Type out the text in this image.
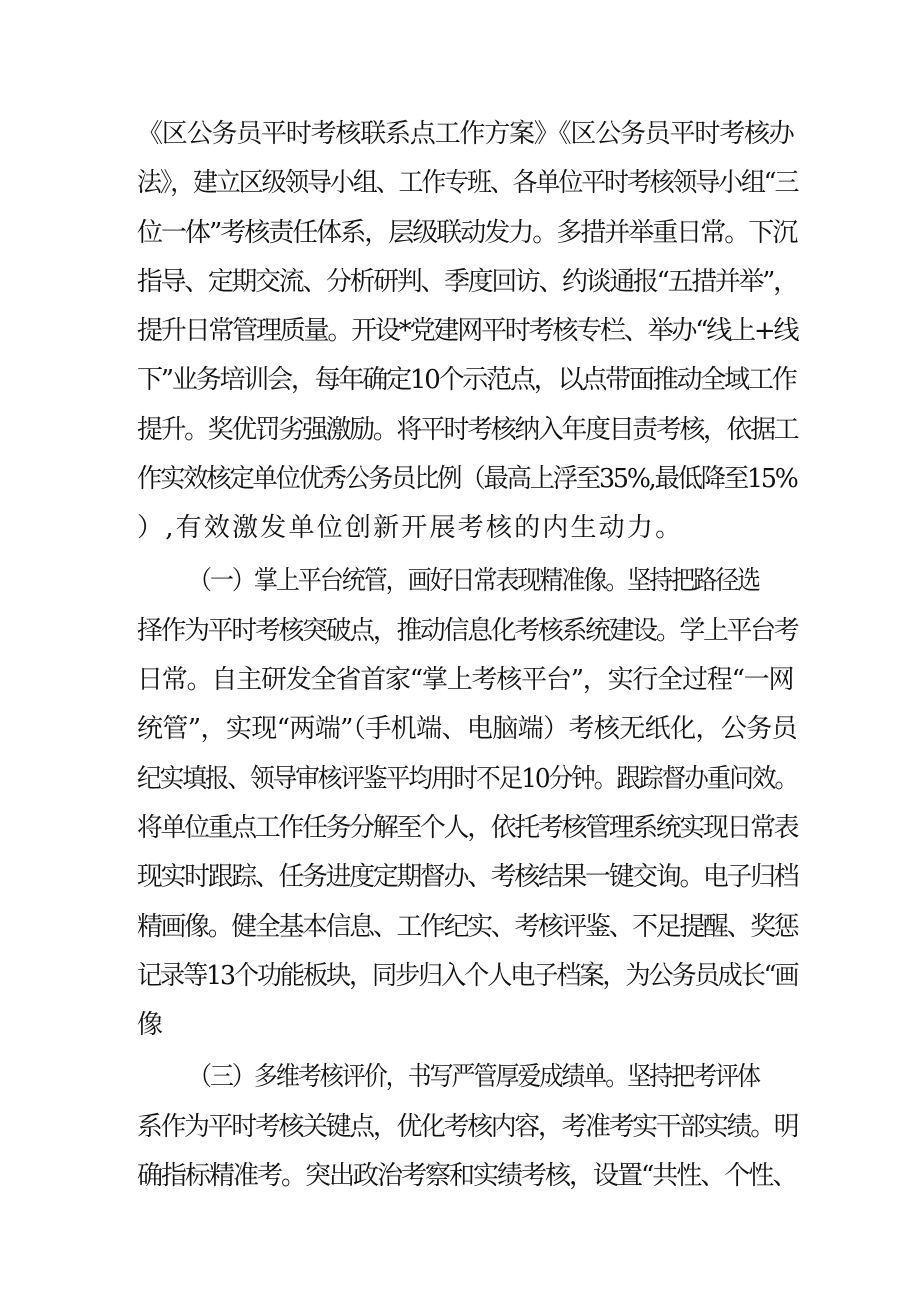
《区公务员平时考核联系点工作方案》《区公务员平时考核办
法》，建立区级领导小组、工作专班、各单位平时考核领导小组“三
位一体”考核责任体系，层级联动发力。多措并举重日常。下沉
指导、定期交流、分析研判、季度回访、约谈通报“五措并举”，
提升日常管理质量。开设*党建网平时考核专栏、举办“线上+线
下”业务培训会，每年确定10个示范点，以点带面推动全域工作
提升。奖优罚劣强激励。将平时考核纳入年度目责考核，依据工
作实效核定单位优秀公务员比例（最高上浮至35%,最低降至15%
）,有效激发单位创新开展考核的内生动力。
（一）掌上平台统管，画好日常表现精准像。坚持把路径选
择作为平时考核突破点，推动信息化考核系统建设。学上平台考
日常。自主研发全省首家“掌上考核平台”，实行全过程“一网
统管”，实现“两端”（手机端、电脑端）考核无纸化，公务员
纪实填报、领导审核评鉴平均用时不足10分钟。跟踪督办重问效。
将单位重点工作任务分解至个人，依托考核管理系统实现日常表
现实时跟踪、任务进度定期督办、考核结果一键交询。电子归档
精画像。健全基本信息、工作纪实、考核评鉴、不足提醒、奖惩
记录等13个功能板块，同步归入个人电子档案，为公务员成长“画
像
（三）多维考核评价，书写严管厚爱成绩单。坚持把考评体
系作为平时考核关键点，优化考核内容，考准考实干部实绩。明
确指标精准考。突出政治考察和实绩考核，设置“共性、个性、
